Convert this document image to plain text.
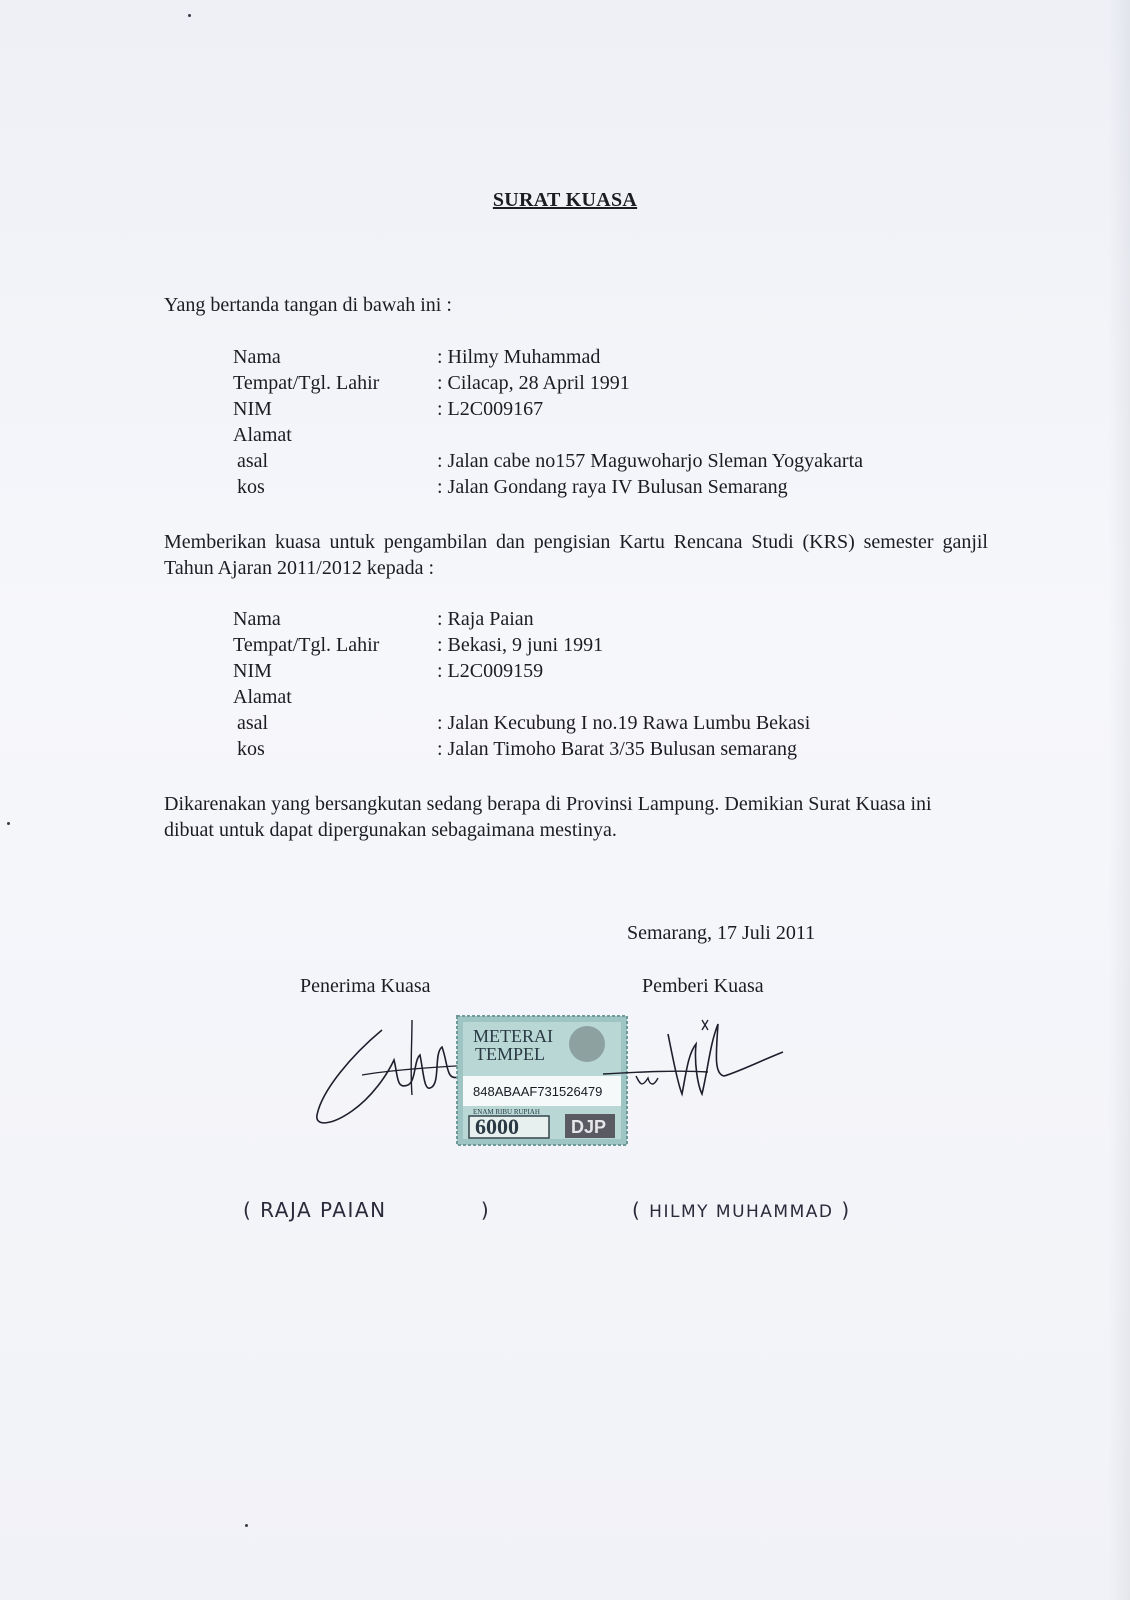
SURAT KUASA
Yang bertanda tangan di bawah ini :
Nama	: Hilmy Muhammad
Tempat/Tgl. Lahir	: Cilacap, 28 April 1991
NIM	: L2C009167
Alamat
asal	: Jalan cabe no157 Maguwoharjo Sleman Yogyakarta
kos	: Jalan Gondang raya IV Bulusan Semarang
Memberikan kuasa untuk pengambilan dan pengisian Kartu Rencana Studi (KRS) semester ganjil Tahun Ajaran 2011/2012 kepada :
Nama	: Raja Paian
Tempat/Tgl. Lahir	: Bekasi, 9 juni 1991
NIM	: L2C009159
Alamat
asal	: Jalan Kecubung I no.19 Rawa Lumbu Bekasi
kos	: Jalan Timoho Barat 3/35 Bulusan semarang
Dikarenakan yang bersangkutan sedang berapa di Provinsi Lampung. Demikian Surat Kuasa ini dibuat untuk dapat dipergunakan sebagaimana mestinya.
Semarang, 17 Juli 2011
Penerima Kuasa	Pemberi Kuasa
METERAI
TEMPEL
848ABAAF731526479
ENAM RIBU RUPIAH
6000	DJP
( RAJA PAIAN            )	( HILMY MUHAMMAD )
